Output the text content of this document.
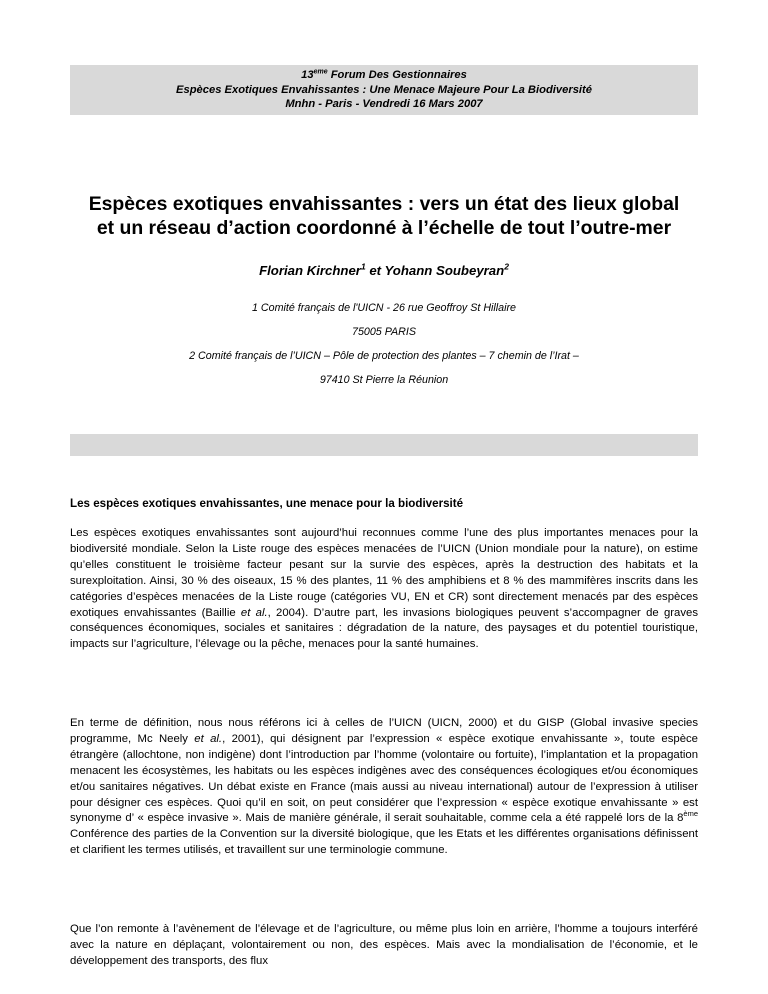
13eme Forum Des Gestionnaires
Espèces Exotiques Envahissantes : Une Menace Majeure Pour La Biodiversité
Mnhn - Paris - Vendredi 16 Mars 2007
Espèces exotiques envahissantes : vers un état des lieux global et un réseau d’action coordonné à l’échelle de tout l’outre-mer
Florian Kirchner$^1$ et Yohann Soubeyran$^2$
1 Comité français de l'UICN - 26 rue Geoffroy St Hillaire
75005 PARIS
2 Comité français de l’UICN – Pôle de protection des plantes – 7 chemin de l’Irat –
97410 St Pierre la Réunion
Les espèces exotiques envahissantes, une menace pour la biodiversité

Les espèces exotiques envahissantes sont aujourd’hui reconnues comme l’une des plus importantes menaces pour la biodiversité mondiale. Selon la Liste rouge des espèces menacées de l’UICN (Union mondiale pour la nature), on estime qu’elles constituent le troisième facteur pesant sur la survie des espèces, après la destruction des habitats et la surexploitation. Ainsi, 30 % des oiseaux, 15 % des plantes, 11 % des amphibiens et 8 % des mammifères inscrits dans les catégories d’espèces menacées de la Liste rouge (catégories VU, EN et CR) sont directement menacés par des espèces exotiques envahissantes (Baillie et al., 2004). D’autre part, les invasions biologiques peuvent s’accompagner de graves conséquences économiques, sociales et sanitaires : dégradation de la nature, des paysages et du potentiel touristique, impacts sur l’agriculture, l’élevage ou la pêche, menaces pour la santé humaines.

En terme de définition, nous nous référons ici à celles de l’UICN (UICN, 2000) et du GISP (Global invasive species programme, Mc Neely et al., 2001), qui désignent par l’expression « espèce exotique envahissante », toute espèce étrangère (allochtone, non indigène) dont l’introduction par l’homme (volontaire ou fortuite), l’implantation et la propagation menacent les écosystèmes, les habitats ou les espèces indigènes avec des conséquences écologiques et/ou économiques et/ou sanitaires négatives. Un débat existe en France (mais aussi au niveau international) autour de l’expression à utiliser pour désigner ces espèces. Quoi qu’il en soit, on peut considérer que l’expression « espèce exotique envahissante » est synonyme d’ « espèce invasive ». Mais de manière générale, il serait souhaitable, comme cela a été rappelé lors de la 8ème Conférence des parties de la Convention sur la diversité biologique, que les Etats et les différentes organisations définissent et clarifient les termes utilisés, et travaillent sur une terminologie commune.

Que l’on remonte à l’avènement de l’élevage et de l’agriculture, ou même plus loin en arrière, l’homme a toujours interféré avec la nature en déplaçant, volontairement ou non, des espèces. Mais avec la mondialisation de l’économie, et le développement des transports, des flux
